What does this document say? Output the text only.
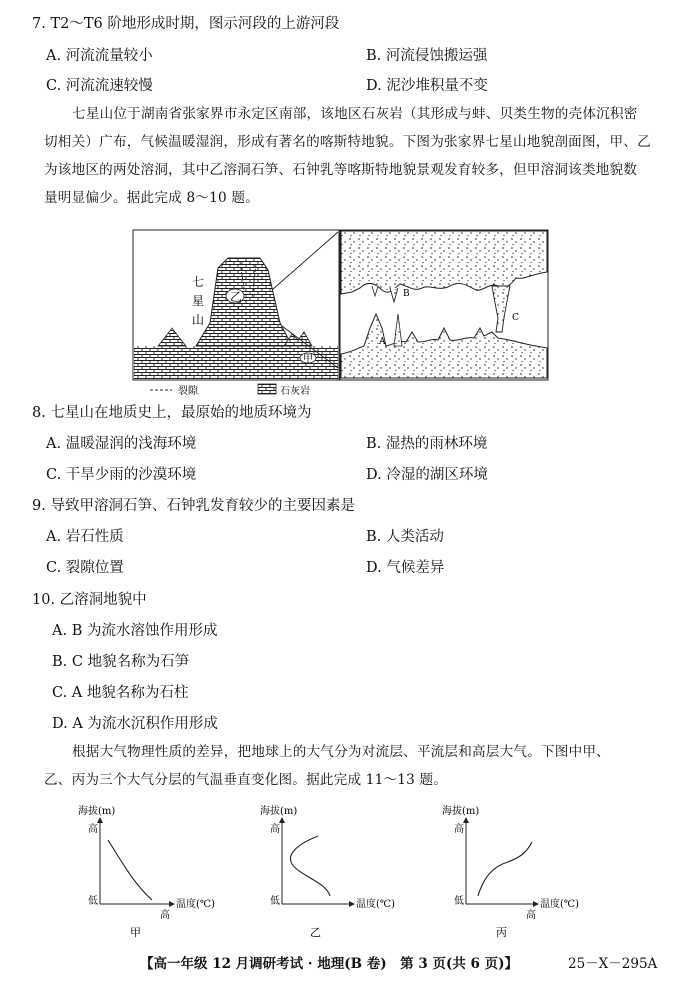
7. T2～T6 阶地形成时期，图示河段的上游河段
A. 河流流量较小	B. 河流侵蚀搬运强
C. 河流流速较慢	D. 泥沙堆积量不变
七星山位于湖南省张家界市永定区南部，该地区石灰岩（其形成与蚌、贝类生物的壳体沉积密
切相关）广布，气候温暖湿润，形成有著名的喀斯特地貌。下图为张家界七星山地貌剖面图，甲、乙
为该地区的两处溶洞，其中乙溶洞石笋、石钟乳等喀斯特地貌景观发育较多，但甲溶洞该类地貌数
量明显偏少。据此完成 8～10 题。
乙
甲
七
星
山
B
C
A
裂隙	石灰岩
8. 七星山在地质史上，最原始的地质环境为
A. 温暖湿润的浅海环境	B. 湿热的雨林环境
C. 干旱少雨的沙漠环境	D. 冷湿的湖区环境
9. 导致甲溶洞石笋、石钟乳发育较少的主要因素是
A. 岩石性质	B. 人类活动
C. 裂隙位置	D. 气候差异
10. 乙溶洞地貌中
A. B 为流水溶蚀作用形成
B. C 地貌名称为石笋
C. A 地貌名称为石柱
D. A 为流水沉积作用形成
根据大气物理性质的差异，把地球上的大气分为对流层、平流层和高层大气。下图中甲、
乙、丙为三个大气分层的气温垂直变化图。据此完成 11～13 题。
海拔(m)
高
低	温度(℃)
高
甲
海拔(m)
高
低	温度(℃)
乙
海拔(m)
高
低	温度(℃)
高
丙
【高一年级 12 月调研考试 · 地理(B 卷)　第 3 页(共 6 页)】	25－X－295A
